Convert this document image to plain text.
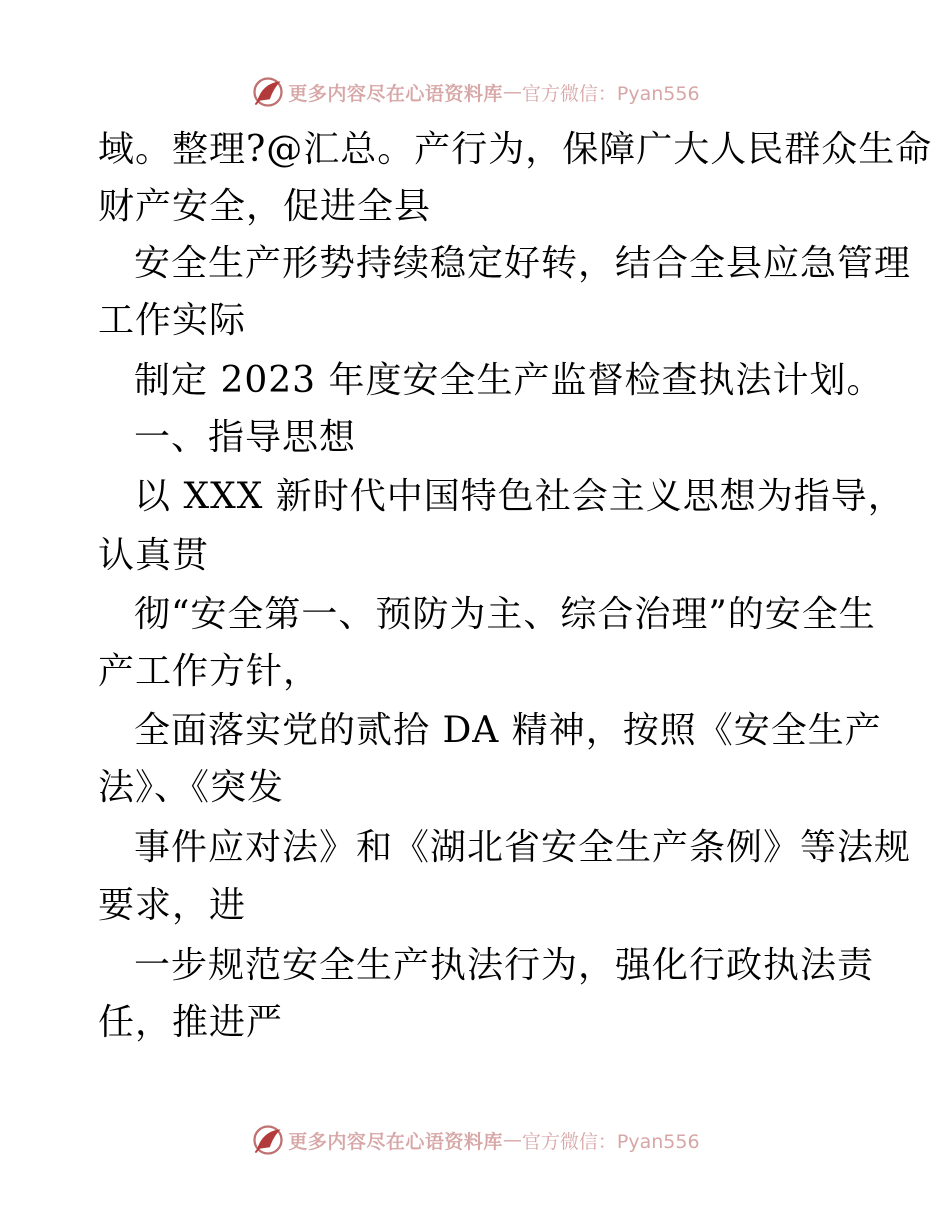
更多内容尽在心语资料库 — 官方微信：Pyan556
域。整理?@汇总。产行为，保障广大人民群众生命
财产安全，促进全县
安全生产形势持续稳定好转，结合全县应急管理
工作实际
制定 2023 年度安全生产监督检查执法计划。
一、指导思想
以 XXX 新时代中国特色社会主义思想为指导，
认真贯
彻“安全第一、预防为主、综合治理”的安全生
产工作方针，
全面落实党的贰拾 DA 精神，按照《安全生产
法》、《突发
事件应对法》和《湖北省安全生产条例》等法规
要求，进
一步规范安全生产执法行为，强化行政执法责
任，推进严
更多内容尽在心语资料库 — 官方微信：Pyan556
